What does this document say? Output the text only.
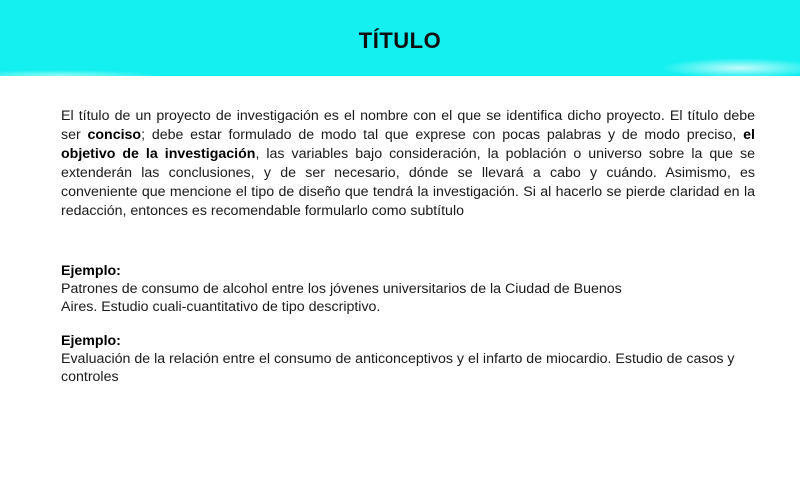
TÍTULO

El título de un proyecto de investigación es el nombre con el que se identifica dicho proyecto. El título debe ser conciso; debe estar formulado de modo tal que exprese con pocas palabras y de modo preciso, el objetivo de la investigación, las variables bajo consideración, la población o universo sobre la que se extenderán las conclusiones, y de ser necesario, dónde se llevará a cabo y cuándo. Asimismo, es conveniente que mencione el tipo de diseño que tendrá la investigación. Si al hacerlo se pierde claridad en la redacción, entonces es recomendable formularlo como subtítulo

Ejemplo:
Patrones de consumo de alcohol entre los jóvenes universitarios de la Ciudad de Buenos Aires. Estudio cuali-cuantitativo de tipo descriptivo.
Ejemplo:
Evaluación de la relación entre el consumo de anticonceptivos y el infarto de miocardio. Estudio de casos y controles
